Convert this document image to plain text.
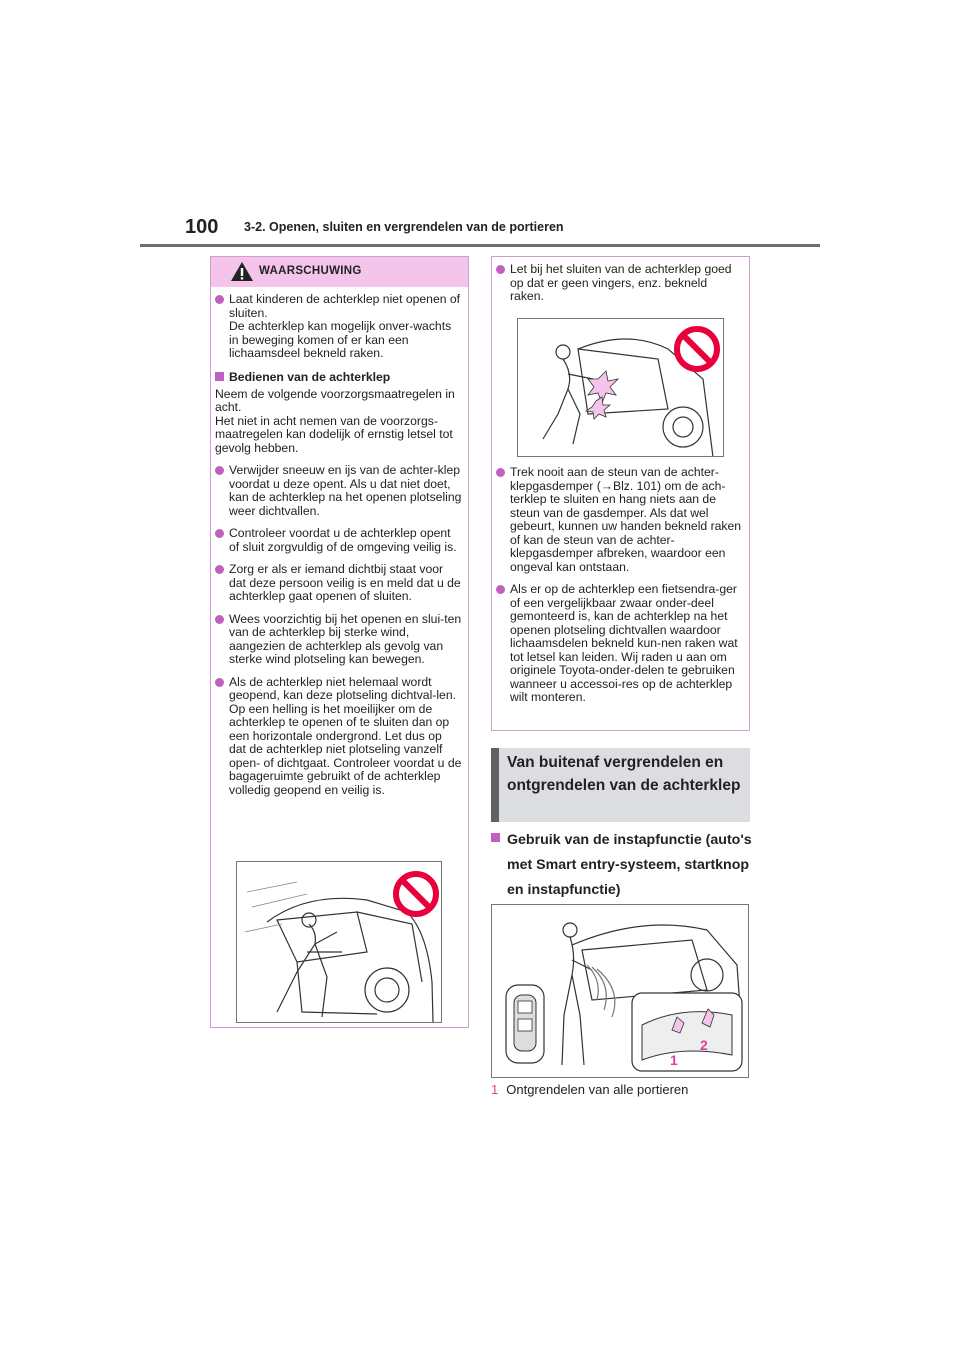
100 3-2. Openen, sluiten en vergrendelen van de portieren
WAARSCHUWING
Laat kinderen de achterklep niet openen of sluiten.
De achterklep kan mogelijk onver-wachts in beweging komen of er kan een lichaamsdeel bekneld raken.
Bedienen van de achterklep
Neem de volgende voorzorgsmaatregelen in acht.
Het niet in acht nemen van de voorzorgs-maatregelen kan dodelijk of ernstig letsel tot gevolg hebben.
Verwijder sneeuw en ijs van de achter-klep voordat u deze opent. Als u dat niet doet, kan de achterklep na het openen plotseling weer dichtvallen.
Controleer voordat u de achterklep opent of sluit zorgvuldig of de omgeving veilig is.
Zorg er als er iemand dichtbij staat voor dat deze persoon veilig is en meld dat u de achterklep gaat openen of sluiten.
Wees voorzichtig bij het openen en slui-ten van de achterklep bij sterke wind, aangezien de achterklep als gevolg van sterke wind plotseling kan bewegen.
Als de achterklep niet helemaal wordt geopend, kan deze plotseling dichtval-len. Op een helling is het moeilijker om de achterklep te openen of te sluiten dan op een horizontale ondergrond. Let dus op dat de achterklep niet plotseling vanzelf open- of dichtgaat. Controleer voordat u de bagageruimte gebruikt of de achterklep volledig geopend en veilig is.
Let bij het sluiten van de achterklep goed op dat er geen vingers, enz. bekneld raken.
Trek nooit aan de steun van de achter-klepgasdemper (→Blz. 101) om de ach-terklep te sluiten en hang niets aan de steun van de gasdemper. Als dat wel gebeurt, kunnen uw handen bekneld raken of kan de steun van de achter-klepgasdemper afbreken, waardoor een ongeval kan ontstaan.
Als er op de achterklep een fietsendra-ger of een vergelijkbaar zwaar onder-deel gemonteerd is, kan de achterklep na het openen plotseling dichtvallen waardoor lichaamsdelen bekneld kun-nen raken wat tot letsel kan leiden. Wij raden u aan om originele Toyota-onder-delen te gebruiken wanneer u accessoi-res op de achterklep wilt monteren.
Van buitenaf vergrendelen en ontgrendelen van de achterklep
Gebruik van de instapfunctie (auto's met Smart entry-systeem, startknop en instapfunctie)
1
2
1 Ontgrendelen van alle portieren
